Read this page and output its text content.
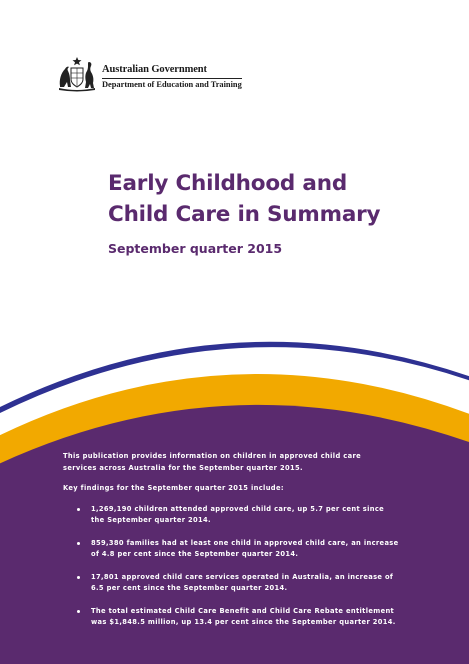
Australian Government
Department of Education and Training
Early Childhood and
Child Care in Summary
September quarter 2015

This publication provides information on children in approved child care
services across Australia for the September quarter 2015.

Key findings for the September quarter 2015 include:

1,269,190 children attended approved child care, up 5.7 per cent since
the September quarter 2014.
859,380 families had at least one child in approved child care, an increase
of 4.8 per cent since the September quarter 2014.
17,801 approved child care services operated in Australia, an increase of
6.5 per cent since the September quarter 2014.
The total estimated Child Care Benefit and Child Care Rebate entitlement
was $1,848.5 million, up 13.4 per cent since the September quarter 2014.
